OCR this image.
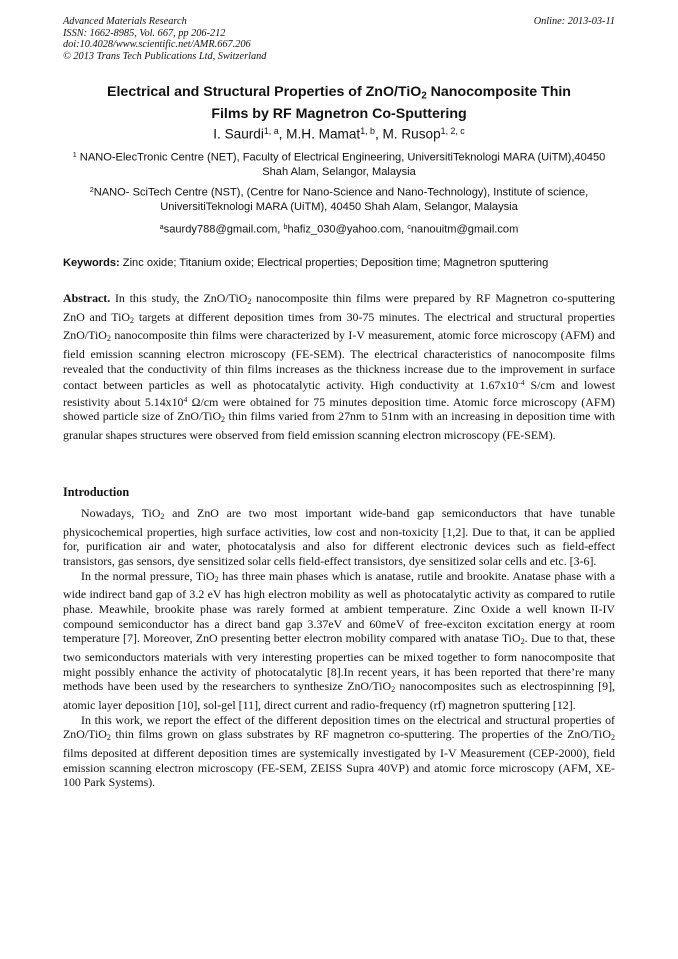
Advanced Materials Research
ISSN: 1662-8985, Vol. 667, pp 206-212
doi:10.4028/www.scientific.net/AMR.667.206
© 2013 Trans Tech Publications Ltd, Switzerland
Online: 2013-03-11
Electrical and Structural Properties of ZnO/TiO$_2$ Nanocomposite Thin
Films by RF Magnetron Co-Sputtering
I. Saurdi$^{1, a}$, M.H. Mamat$^{1, b}$, M. Rusop$^{1, 2, c}$
$^1$ NANO-ElecTronic Centre (NET), Faculty of Electrical Engineering, UniversitiTeknologi MARA (UiTM),40450 Shah Alam, Selangor, Malaysia
$^2$NANO- SciTech Centre (NST), (Centre for Nano-Science and Nano-Technology), Institute of science, UniversitiTeknologi MARA (UiTM), 40450 Shah Alam, Selangor, Malaysia
$^a$saurdy788@gmail.com, $^b$hafiz_030@yahoo.com, $^c$nanouitm@gmail.com
Keywords: Zinc oxide; Titanium oxide; Electrical properties; Deposition time; Magnetron sputtering
Abstract. In this study, the ZnO/TiO$_2$ nanocomposite thin films were prepared by RF Magnetron co-sputtering ZnO and TiO$_2$ targets at different deposition times from 30-75 minutes. The electrical and structural properties ZnO/TiO$_2$ nanocomposite thin films were characterized by I-V measurement, atomic force microscopy (AFM) and field emission scanning electron microscopy (FE-SEM). The electrical characteristics of nanocomposite films revealed that the conductivity of thin films increases as the thickness increase due to the improvement in surface contact between particles as well as photocatalytic activity. High conductivity at $1.67x10^{-4}$ S/cm and lowest resistivity about $5.14x10^4$ Ω/cm were obtained for 75 minutes deposition time. Atomic force microscopy (AFM) showed particle size of ZnO/TiO$_2$ thin films varied from 27nm to 51nm with an increasing in deposition time with granular shapes structures were observed from field emission scanning electron microscopy (FE-SEM).
Introduction

Nowadays, TiO$_2$ and ZnO are two most important wide-band gap semiconductors that have tunable physicochemical properties, high surface activities, low cost and non-toxicity [1,2]. Due to that, it can be applied for, purification air and water, photocatalysis and also for different electronic devices such as field-effect transistors, gas sensors, dye sensitized solar cells field-effect transistors, dye sensitized solar cells and etc. [3-6].

In the normal pressure, TiO$_2$ has three main phases which is anatase, rutile and brookite. Anatase phase with a wide indirect band gap of 3.2 eV has high electron mobility as well as photocatalytic activity as compared to rutile phase. Meawhile, brookite phase was rarely formed at ambient temperature. Zinc Oxide a well known II-IV compound semiconductor has a direct band gap 3.37eV and 60meV of free-exciton excitation energy at room temperature [7]. Moreover, ZnO presenting better electron mobility compared with anatase TiO$_2$. Due to that, these two semiconductors materials with very interesting properties can be mixed together to form nanocomposite that might possibly enhance the activity of photocatalytic [8].In recent years, it has been reported that there’re many methods have been used by the researchers to synthesize ZnO/TiO$_2$ nanocomposites such as electrospinning [9], atomic layer deposition [10], sol-gel [11], direct current and radio-frequency (rf) magnetron sputtering [12].

In this work, we report the effect of the different deposition times on the electrical and structural properties of ZnO/TiO$_2$ thin films grown on glass substrates by RF magnetron co-sputtering. The properties of the ZnO/TiO$_2$ films deposited at different deposition times are systemically investigated by I-V Measurement (CEP-2000), field emission scanning electron microscopy (FE-SEM, ZEISS Supra 40VP) and atomic force microscopy (AFM, XE-100 Park Systems).
